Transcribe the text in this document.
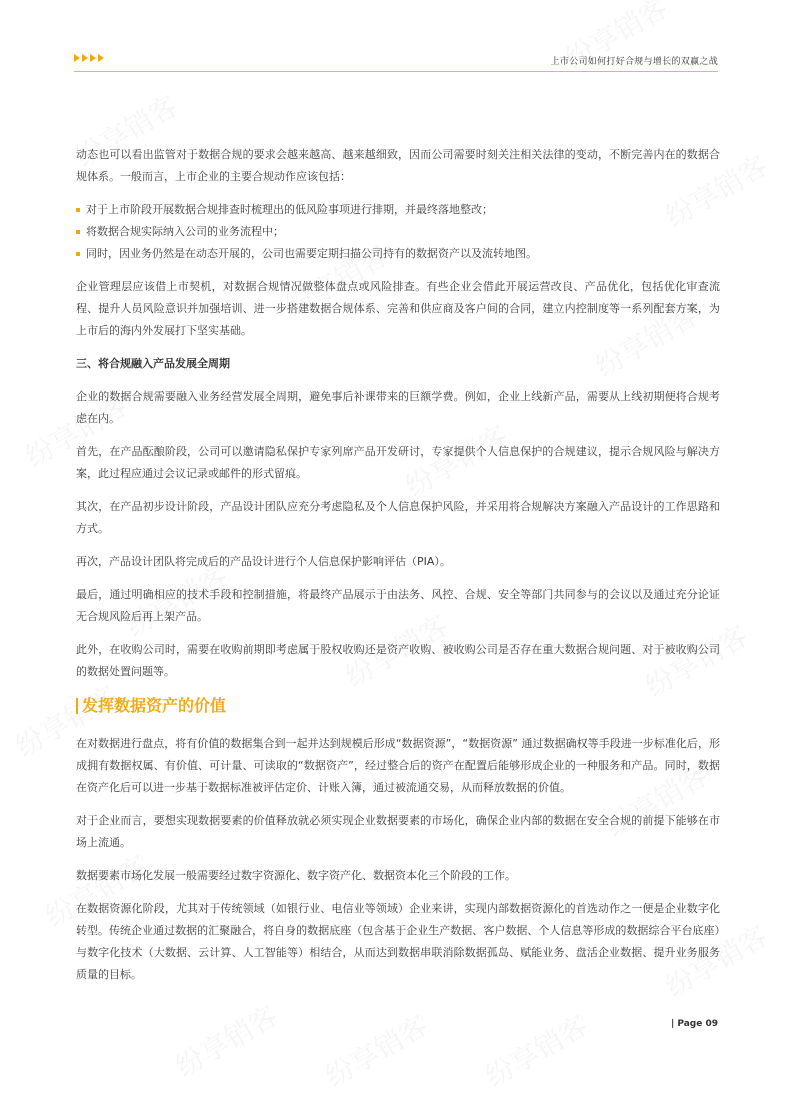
上市公司如何打好合规与增长的双赢之战

动态也可以看出监管对于数据合规的要求会越来越高、越来越细致，因而公司需要时刻关注相关法律的变动，不断完善内在的数据合规体系。一般而言，上市企业的主要合规动作应该包括：

对于上市阶段开展数据合规排查时梳理出的低风险事项进行排期，并最终落地整改；
将数据合规实际纳入公司的业务流程中；
同时，因业务仍然是在动态开展的，公司也需要定期扫描公司持有的数据资产以及流转地图。

企业管理层应该借上市契机，对数据合规情况做整体盘点或风险排查。有些企业会借此开展运营改良、产品优化，包括优化审查流程、提升人员风险意识并加强培训、进一步搭建数据合规体系、完善和供应商及客户间的合同，建立内控制度等一系列配套方案，为上市后的海内外发展打下坚实基础。

三、将合规融入产品发展全周期

企业的数据合规需要融入业务经营发展全周期，避免事后补课带来的巨额学费。例如，企业上线新产品，需要从上线初期便将合规考虑在内。

首先，在产品酝酿阶段，公司可以邀请隐私保护专家列席产品开发研讨，专家提供个人信息保护的合规建议，提示合规风险与解决方案，此过程应通过会议记录或邮件的形式留痕。

其次，在产品初步设计阶段，产品设计团队应充分考虑隐私及个人信息保护风险，并采用将合规解决方案融入产品设计的工作思路和方式。

再次，产品设计团队将完成后的产品设计进行个人信息保护影响评估（PIA）。

最后，通过明确相应的技术手段和控制措施，将最终产品展示于由法务、风控、合规、安全等部门共同参与的会议以及通过充分论证无合规风险后再上架产品。

此外，在收购公司时，需要在收购前期即考虑属于股权收购还是资产收购、被收购公司是否存在重大数据合规问题、对于被收购公司的数据处置问题等。

发挥数据资产的价值

在对数据进行盘点，将有价值的数据集合到一起并达到规模后形成“数据资源”，“数据资源” 通过数据确权等手段进一步标准化后，形成拥有数据权属、有价值、可计量、可读取的“数据资产”，经过整合后的资产在配置后能够形成企业的一种服务和产品。同时，数据在资产化后可以进一步基于数据标准被评估定价、计账入簿，通过被流通交易，从而释放数据的价值。

对于企业而言，要想实现数据要素的价值释放就必须实现企业数据要素的市场化，确保企业内部的数据在安全合规的前提下能够在市场上流通。

数据要素市场化发展一般需要经过数字资源化、数字资产化、数据资本化三个阶段的工作。

在数据资源化阶段，尤其对于传统领域（如银行业、电信业等领域）企业来讲，实现内部数据资源化的首选动作之一便是企业数字化转型。传统企业通过数据的汇聚融合，将自身的数据底座（包含基于企业生产数据、客户数据、个人信息等形成的数据综合平台底座）与数字化技术（大数据、云计算、人工智能等）相结合，从而达到数据串联消除数据孤岛、赋能业务、盘活企业数据、提升业务服务质量的目标。

| Page 09
